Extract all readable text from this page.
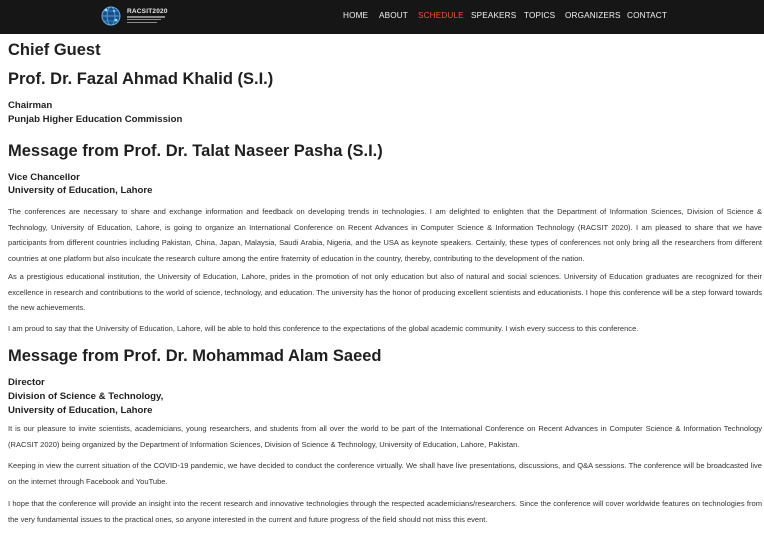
RACSIT2020	HOME ABOUT SCHEDULE SPEAKERS TOPICS ORGANIZERS CONTACT
Chief Guest
Prof. Dr. Fazal Ahmad Khalid (S.I.)
Chairman
Punjab Higher Education Commission
Message from Prof. Dr. Talat Naseer Pasha (S.I.)
Vice Chancellor
University of Education, Lahore
The conferences are necessary to share and exchange information and feedback on developing trends in technologies. I am delighted to enlighten that the Department of Information Sciences, Division of Science & Technology, University of Education, Lahore, is going to organize an International Conference on Recent Advances in Computer Science & Information Technology (RACSIT 2020). I am pleased to share that we have participants from different countries including Pakistan, China, Japan, Malaysia, Saudi Arabia, Nigeria, and the USA as keynote speakers. Certainly, these types of conferences not only bring all the researchers from different countries at one platform but also inculcate the research culture among the entire fraternity of education in the country, thereby, contributing to the development of the nation.
As a prestigious educational institution, the University of Education, Lahore, prides in the promotion of not only education but also of natural and social sciences. University of Education graduates are recognized for their excellence in research and contributions to the world of science, technology, and education. The university has the honor of producing excellent scientists and educationists. I hope this conference will be a step forward towards the new achievements.
I am proud to say that the University of Education, Lahore, will be able to hold this conference to the expectations of the global academic community. I wish every success to this conference.
Message from Prof. Dr. Mohammad Alam Saeed
Director
Division of Science & Technology,
University of Education, Lahore
It is our pleasure to invite scientists, academicians, young researchers, and students from all over the world to be part of the International Conference on Recent Advances in Computer Science & Information Technology (RACSIT 2020) being organized by the Department of Information Sciences, Division of Science & Technology, University of Education, Lahore, Pakistan.
Keeping in view the current situation of the COVID-19 pandemic, we have decided to conduct the conference virtually. We shall have live presentations, discussions, and Q&A sessions. The conference will be broadcasted live on the internet through Facebook and YouTube.
I hope that the conference will provide an insight into the recent research and innovative technologies through the respected academicians/researchers. Since the conference will cover worldwide features on technologies from the very fundamental issues to the practical ones, so anyone interested in the current and future progress of the field should not miss this event.
